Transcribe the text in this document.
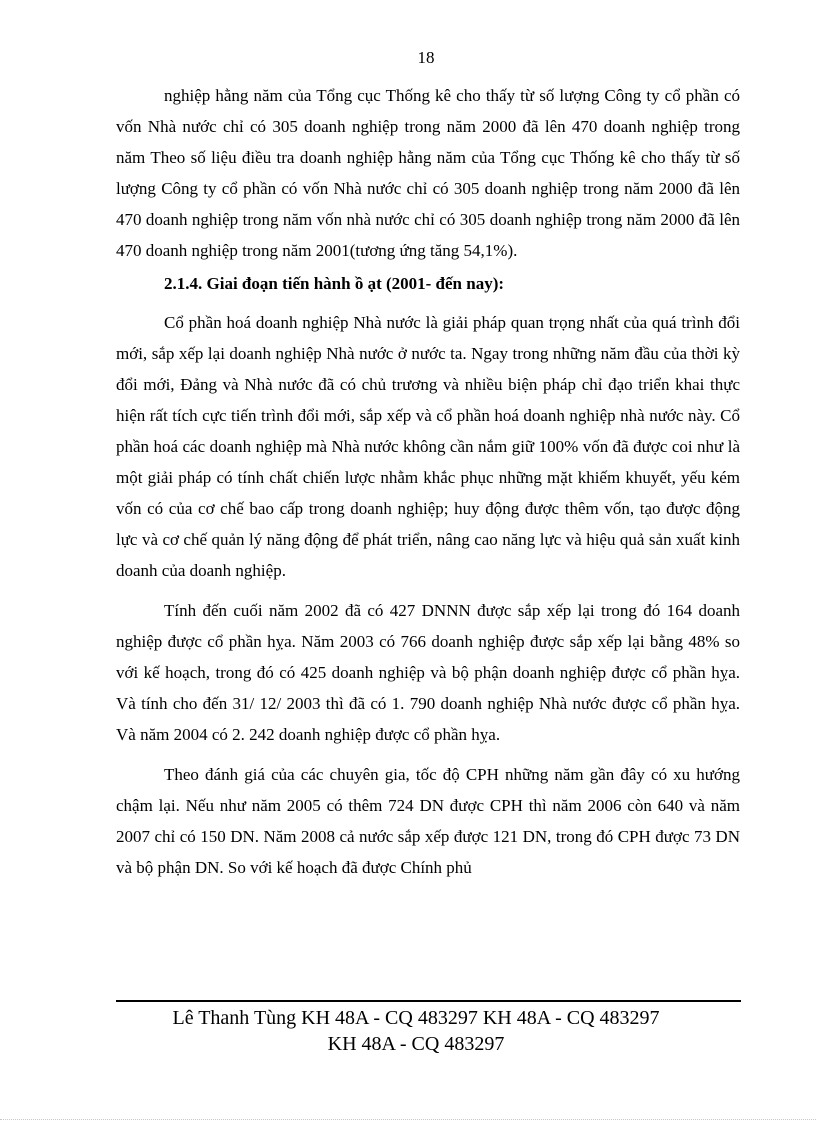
18

nghiệp hằng năm của Tổng cục Thống kê cho thấy từ số lượng Công ty cổ phần có vốn Nhà nước chỉ có 305 doanh nghiệp trong năm 2000 đã lên 470 doanh nghiệp trong năm Theo số liệu điều tra doanh nghiệp hằng năm của Tổng cục Thống kê cho thấy từ số lượng Công ty cổ phần có vốn Nhà nước chỉ có 305 doanh nghiệp trong năm 2000 đã lên 470 doanh nghiệp trong năm vốn nhà nước chỉ có 305 doanh nghiệp trong năm 2000 đã lên 470 doanh nghiệp trong năm 2001(tương ứng tăng 54,1%).

2.1.4. Giai đoạn tiến hành ồ ạt (2001- đến nay):

Cổ phần hoá doanh nghiệp Nhà nước là giải pháp quan trọng nhất của quá trình đổi mới, sắp xếp lại doanh nghiệp Nhà nước ở nước ta. Ngay trong những năm đầu của thời kỳ đổi mới, Đảng và Nhà nước đã có chủ trương và nhiều biện pháp chỉ đạo triển khai thực hiện rất tích cực tiến trình đổi mới, sắp xếp và cổ phần hoá doanh nghiệp nhà nước này. Cổ phần hoá các doanh nghiệp mà Nhà nước không cần nắm giữ 100% vốn đã được coi như là một giải pháp có tính chất chiến lược nhằm khắc phục những mặt khiếm khuyết, yếu kém vốn có của cơ chế bao cấp trong doanh nghiệp; huy động được thêm vốn, tạo được động lực và cơ chế quản lý năng động để phát triển, nâng cao năng lực và hiệu quả sản xuất kinh doanh của doanh nghiệp.

Tính đến cuối năm 2002 đã có 427 DNNN được sắp xếp lại trong đó 164 doanh nghiệp được cổ phần hỵa. Năm 2003 có 766 doanh nghiệp được sắp xếp lại bằng 48% so với kế hoạch, trong đó có 425 doanh nghiệp và bộ phận doanh nghiệp được cổ phần hỵa. Và tính cho đến 31/ 12/ 2003 thì đã có 1. 790 doanh nghiệp Nhà nước được cổ phần hỵa. Và năm 2004 có 2. 242 doanh nghiệp được cổ phần hỵa.

Theo đánh giá của các chuyên gia, tốc độ CPH những năm gần đây có xu hướng chậm lại. Nếu như năm 2005 có thêm 724 DN được CPH thì năm 2006 còn 640 và năm 2007 chỉ có 150 DN. Năm 2008 cả nước sắp xếp được 121 DN, trong đó CPH được 73 DN và bộ phận DN. So với kế hoạch đã được Chính phủ

Lê Thanh Tùng KH 48A - CQ 483297 KH 48A - CQ 483297
KH 48A - CQ 483297
